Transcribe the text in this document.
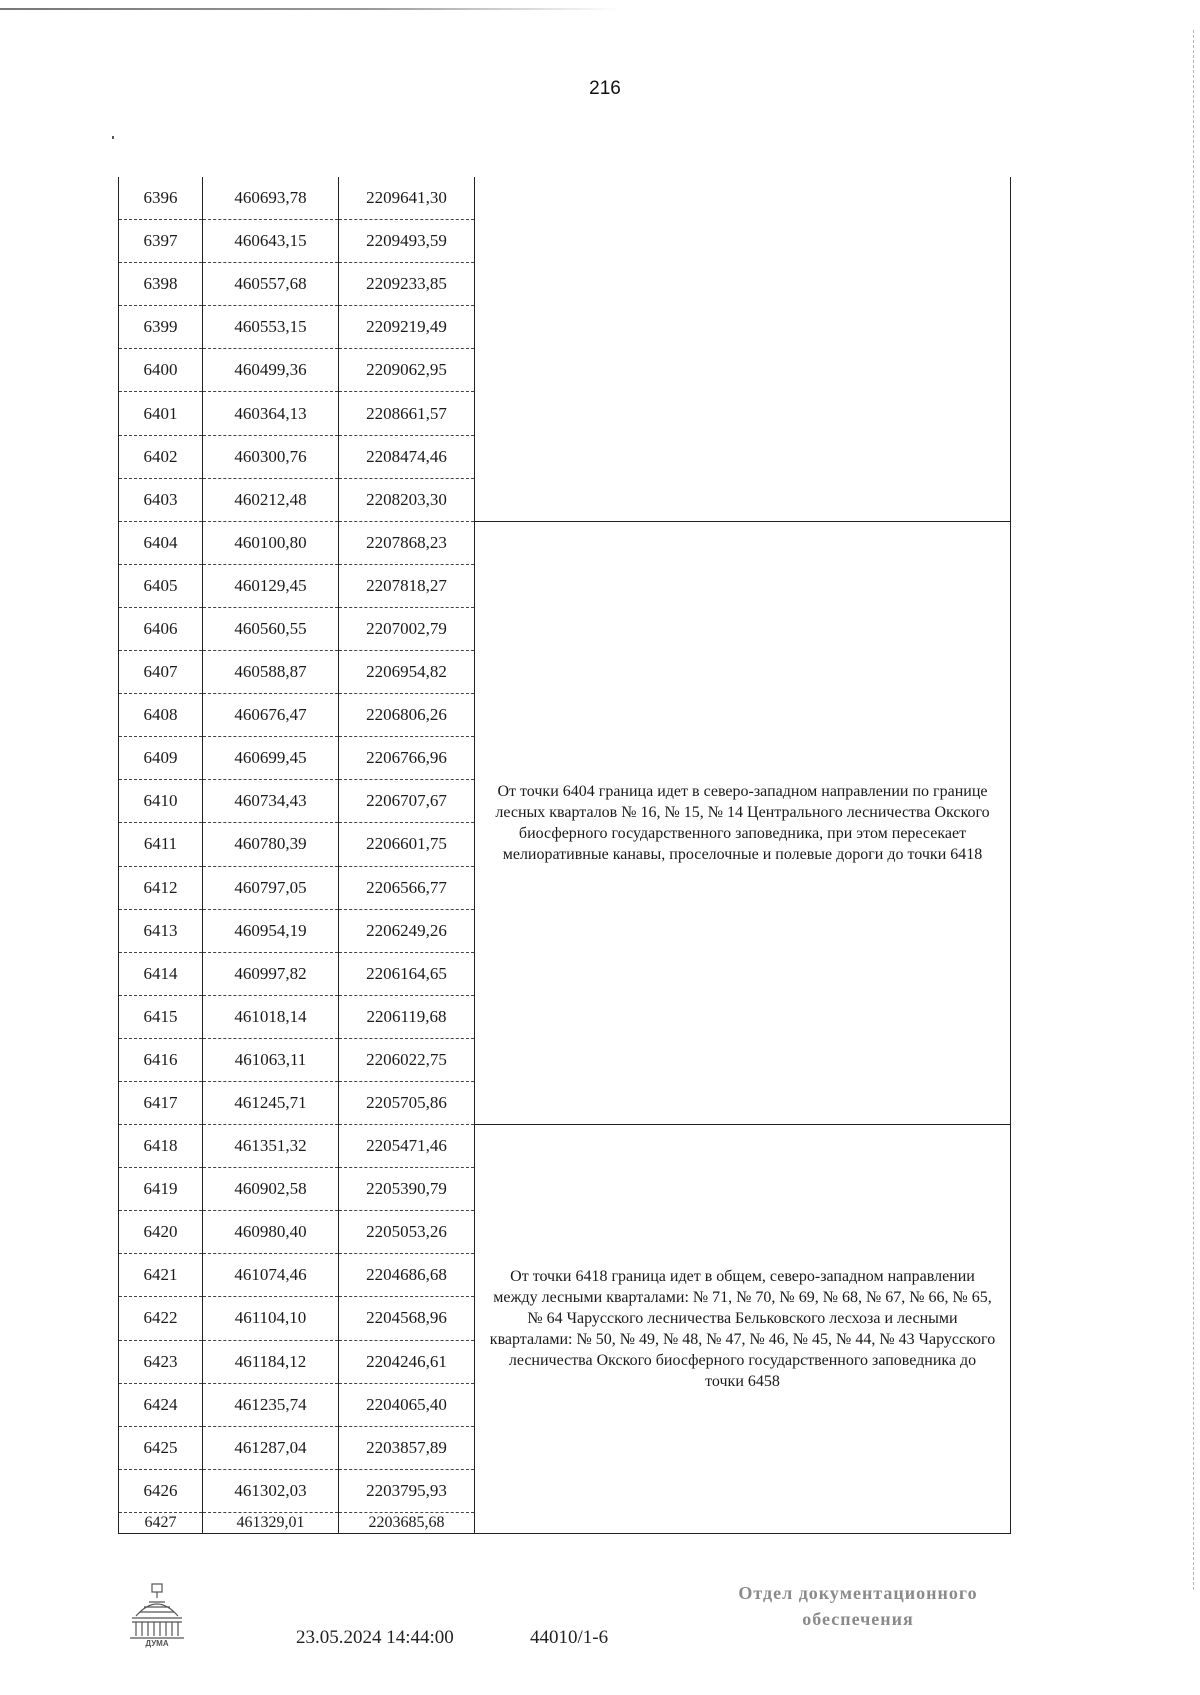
216
6396	460693,78	2209641,30	
6397	460643,15	2209493,59	
6398	460557,68	2209233,85	
6399	460553,15	2209219,49	
6400	460499,36	2209062,95	
6401	460364,13	2208661,57	
6402	460300,76	2208474,46	
6403	460212,48	2208203,30	
6404	460100,80	2207868,23	От точки 6404 граница идет в северо-западном направлении по границе лесных кварталов № 16, № 15, № 14 Центрального лесничества Окского биосферного государственного заповедника, при этом пересекает мелиоративные канавы, проселочные и полевые дороги до точки 6418
6405	460129,45	2207818,27	
6406	460560,55	2207002,79	
6407	460588,87	2206954,82	
6408	460676,47	2206806,26	
6409	460699,45	2206766,96	
6410	460734,43	2206707,67	
6411	460780,39	2206601,75	
6412	460797,05	2206566,77	
6413	460954,19	2206249,26	
6414	460997,82	2206164,65	
6415	461018,14	2206119,68	
6416	461063,11	2206022,75	
6417	461245,71	2205705,86	
6418	461351,32	2205471,46	От точки 6418 граница идет в общем, северо-западном направлении между лесными кварталами: № 71, № 70, № 69, № 68, № 67, № 66, № 65, № 64 Чарусского лесничества Бельковского лесхоза и лесными кварталами: № 50, № 49, № 48, № 47, № 46, № 45, № 44, № 43 Чарусского лесничества Окского биосферного государственного заповедника до точки 6458
6419	460902,58	2205390,79	
6420	460980,40	2205053,26	
6421	461074,46	2204686,68	
6422	461104,10	2204568,96	
6423	461184,12	2204246,61	
6424	461235,74	2204065,40	
6425	461287,04	2203857,89	
6426	461302,03	2203795,93	
6427	461329,01	2203685,68	
ДУМА	23.05.2024 14:44:00	44010/1-6
Отдел документационного
обеспечения
